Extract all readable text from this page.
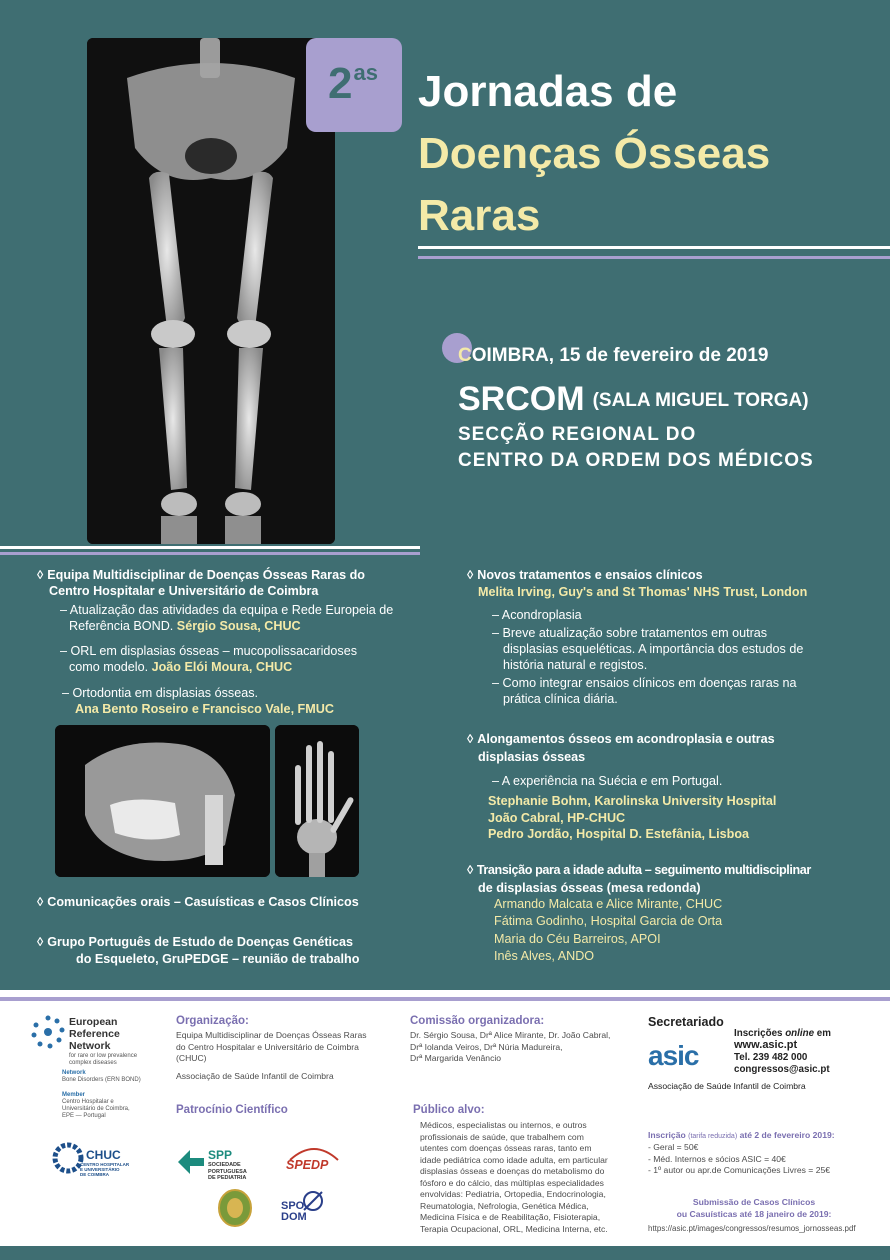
$2^{as}$ Jornadas de
Doenças Ósseas
Raras
COIMBRA, 15 de fevereiro de 2019
SRCOM (SALA MIGUEL TORGA)
SECÇÃO REGIONAL DO
CENTRO DA ORDEM DOS MÉDICOS
◊ Equipa Multidisciplinar de Doenças Ósseas Raras do
Centro Hospitalar e Universitário de Coimbra
– Atualização das atividades da equipa e Rede Europeia de
Referência BOND. Sérgio Sousa, CHUC
– ORL em displasias ósseas – mucopolissacaridoses
como modelo. João Elói Moura, CHUC
– Ortodontia em displasias ósseas.
Ana Bento Roseiro e Francisco Vale, FMUC
◊ Comunicações orais – Casuísticas e Casos Clínicos
◊ Grupo Português de Estudo de Doenças Genéticas
do Esqueleto, GruPEDGE – reunião de trabalho
◊ Novos tratamentos e ensaios clínicos
Melita Irving, Guy's and St Thomas' NHS Trust, London
– Acondroplasia
– Breve atualização sobre tratamentos em outras
displasias esqueléticas. A importância dos estudos de
história natural e registos.
– Como integrar ensaios clínicos em doenças raras na
prática clínica diária.
◊ Alongamentos ósseos em acondroplasia e outras
displasias ósseas
– A experiência na Suécia e em Portugal.
Stephanie Bohm, Karolinska University Hospital
João Cabral, HP-CHUC
Pedro Jordão, Hospital D. Estefânia, Lisboa
◊ Transição para a idade adulta – seguimento multidisciplinar
de displasias ósseas (mesa redonda)
Armando Malcata e Alice Mirante, CHUC
Fátima Godinho, Hospital Garcia de Orta
Maria do Céu Barreiros, APOI
Inês Alves, ANDO
European
Reference
Network
for rare or low prevalence
complex diseases
Network
Bone Disorders (ERN BOND)
Member
Centro Hospitalar e
Universitário de Coimbra,
EPE — Portugal
CHUC
CENTRO HOSPITALAR
E UNIVERSITÁRIO
DE COIMBRA
Organização:
Equipa Multidisciplinar de Doenças Ósseas Raras
do Centro Hospitalar e Universitário de Coimbra
(CHUC)
Associação de Saúde Infantil de Coimbra
Patrocínio Científico
SPP
SOCIEDADE
PORTUGUESA
DE PEDIATRIA
SPEDP
SPO
DOM
Comissão organizadora:
Dr. Sérgio Sousa, Drª Alice Mirante, Dr. João Cabral,
Drª Iolanda Veiros, Drª Núria Madureira,
Drª Margarida Venâncio
Público alvo:
Médicos, especialistas ou internos, e outros
profissionais de saúde, que trabalhem com
utentes com doenças ósseas raras, tanto em
idade pediátrica como idade adulta, em particular
displasias ósseas e doenças do metabolismo do
fósforo e do cálcio, das múltiplas especialidades
envolvidas: Pediatria, Ortopedia, Endocrinologia,
Reumatologia, Nefrologia, Genética Médica,
Medicina Física e de Reabilitação, Fisioterapia,
Terapia Ocupacional, ORL, Medicina Interna, etc.
Secretariado
asic
Inscrições online em
www.asic.pt
Tel. 239 482 000
congressos@asic.pt
Associação de Saúde Infantil de Coimbra
Inscrição (tarifa reduzida) até 2 de fevereiro 2019:
- Geral = 50€
- Méd. Internos e sócios ASIC = 40€
- 1º autor ou apr.de Comunicações Livres = 25€
Submissão de Casos Clínicos
ou Casuísticas até 18 janeiro de 2019:
https://asic.pt/images/congressos/resumos_jornosseas.pdf
